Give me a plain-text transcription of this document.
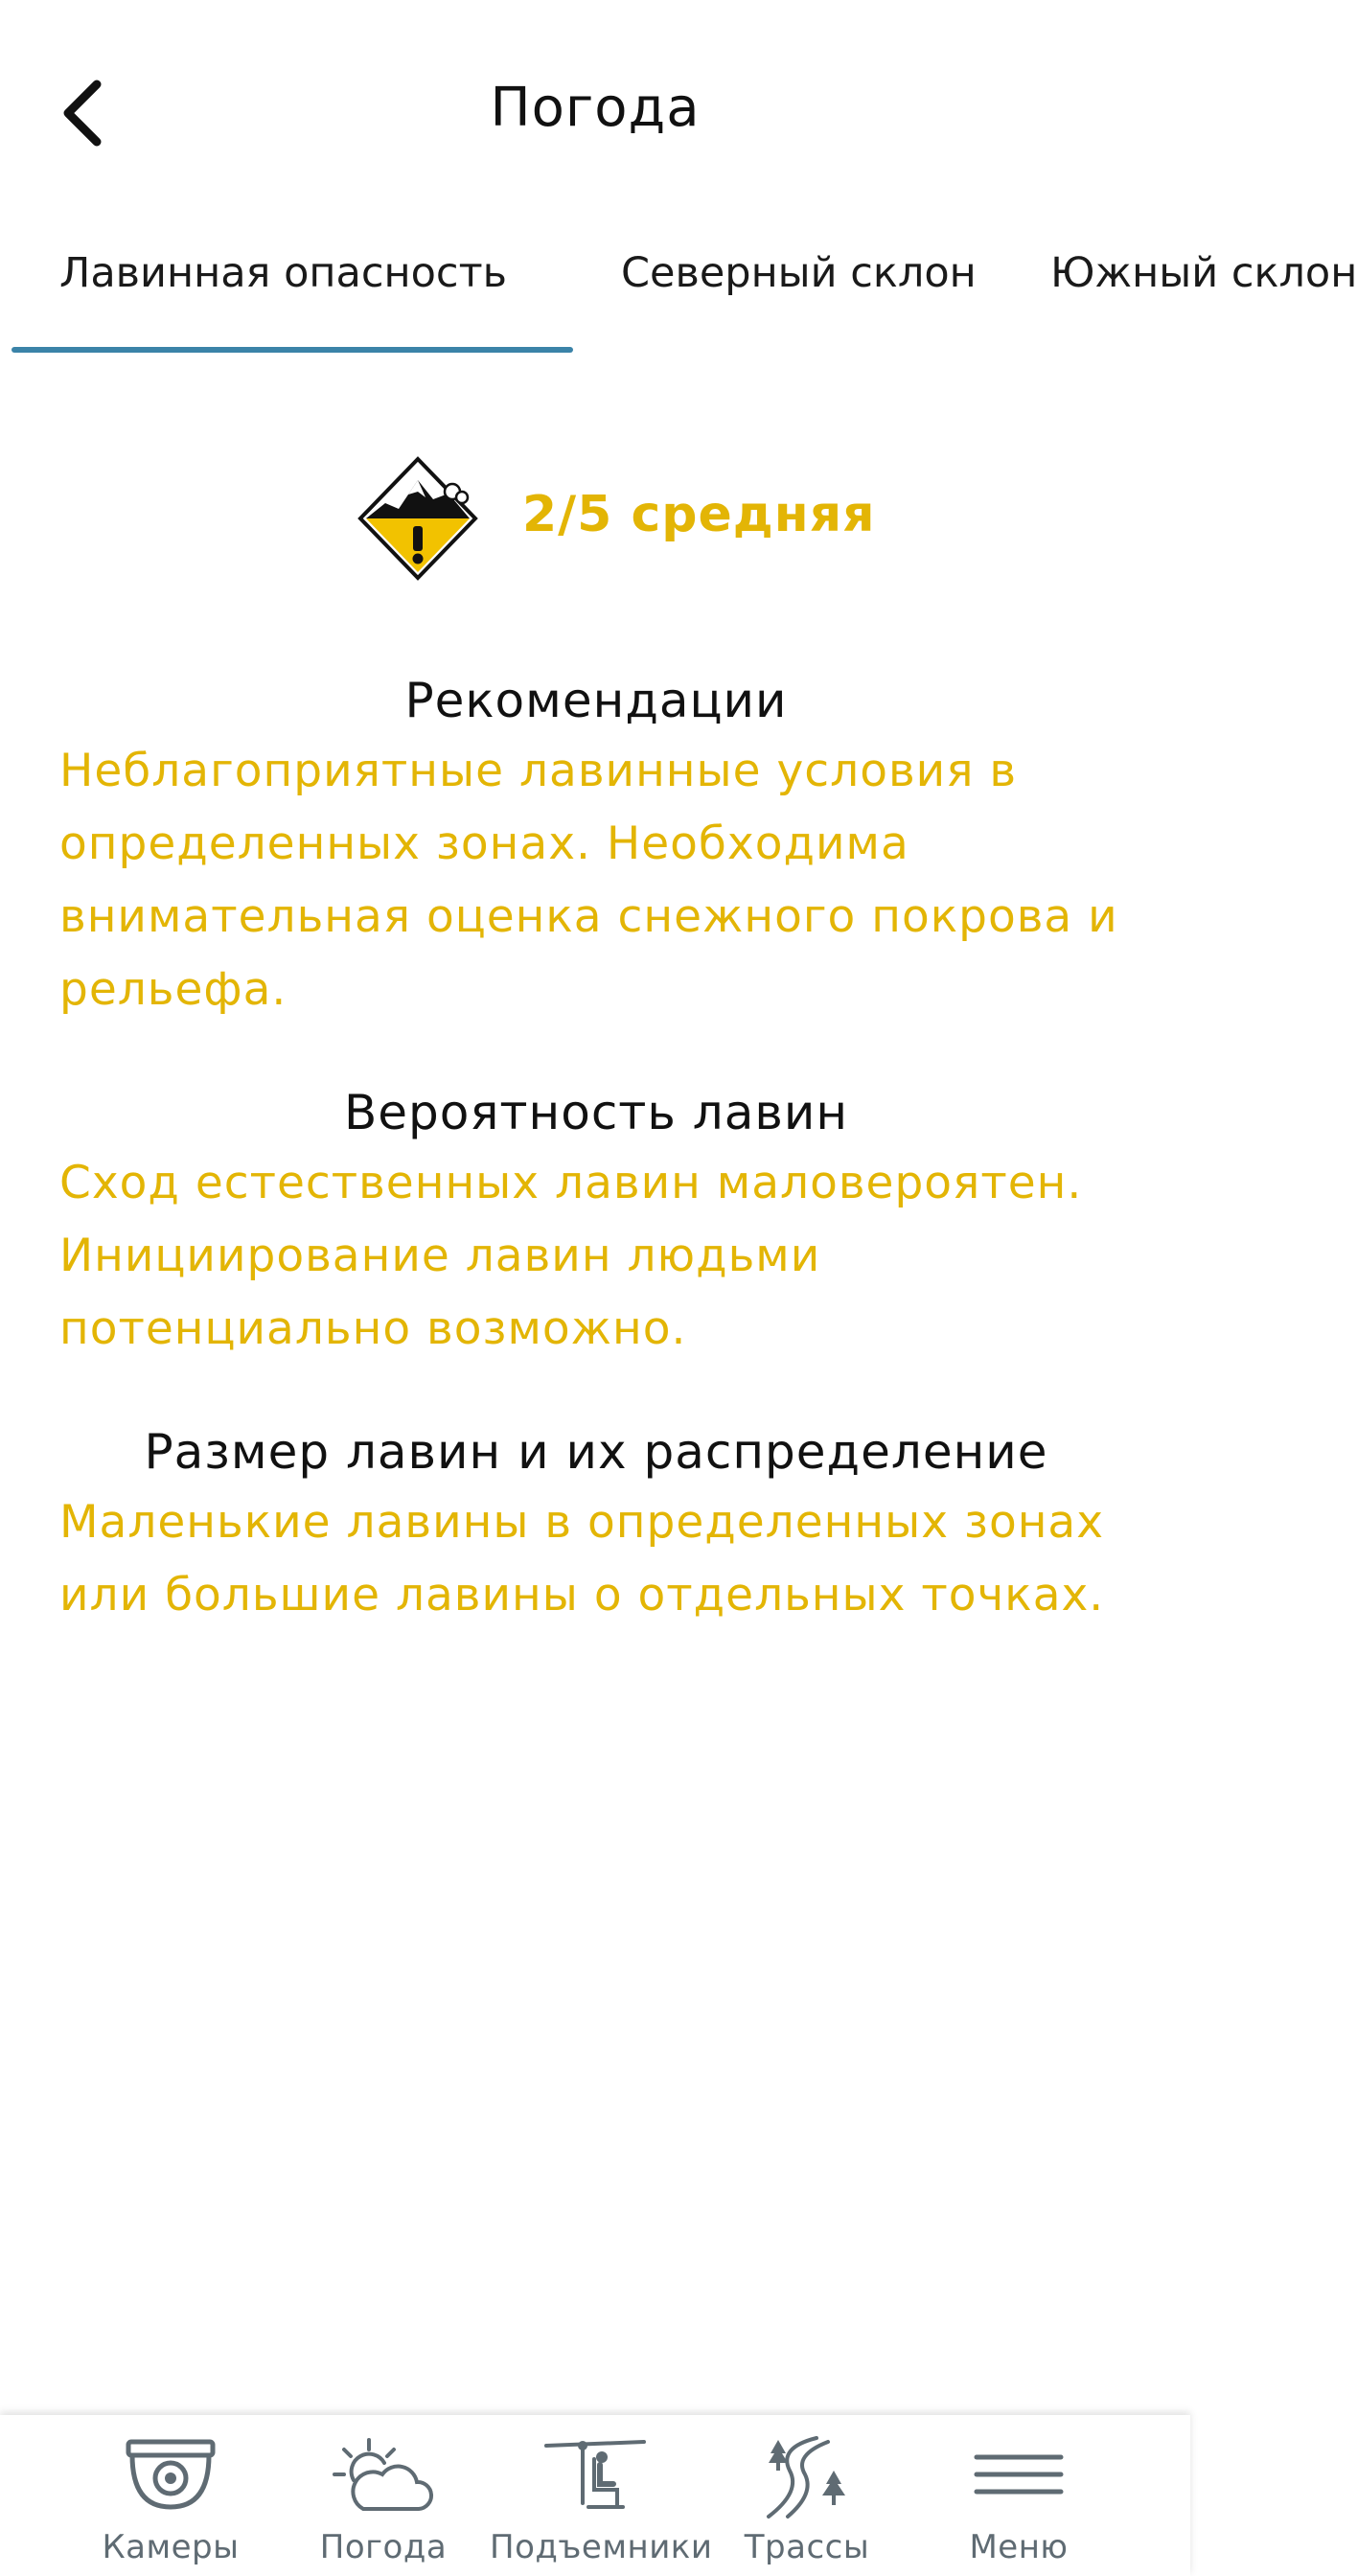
Погода
Лавинная опасность	Северный склон Южный склон
2/5 средняя
Рекомендации

Неблагоприятные лавинные условия в определенных зонах. Необходима внимательная оценка снежного покрова и рельефа.

Вероятность лавин

Сход естественных лавин маловероятен. Инициирование лавин людьми потенциально возможно.

Размер лавин и их распределение

Маленькие лавины в определенных зонах или большие лавины о отдельных точках.

Камеры	Погода	Подъемники Трассы	Меню
